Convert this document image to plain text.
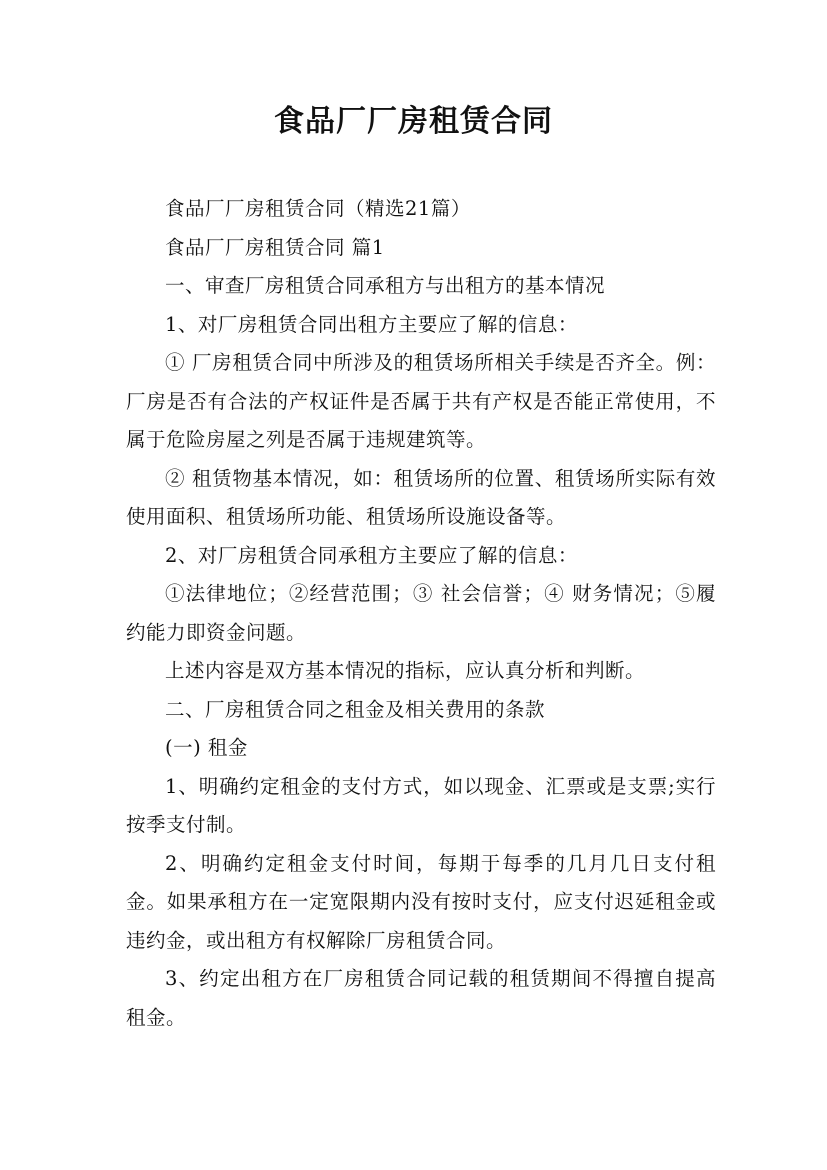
食品厂厂房租赁合同

食品厂厂房租赁合同（精选21篇）

食品厂厂房租赁合同 篇1

一、审查厂房租赁合同承租方与出租方的基本情况

1、对厂房租赁合同出租方主要应了解的信息：

① 厂房租赁合同中所涉及的租赁场所相关手续是否齐全。例：厂房是否有合法的产权证件是否属于共有产权是否能正常使用，不属于危险房屋之列是否属于违规建筑等。

② 租赁物基本情况，如：租赁场所的位置、租赁场所实际有效使用面积、租赁场所功能、租赁场所设施设备等。

2、对厂房租赁合同承租方主要应了解的信息：

①法律地位；②经营范围；③ 社会信誉；④ 财务情况；⑤履约能力即资金问题。

上述内容是双方基本情况的指标，应认真分析和判断。

二、厂房租赁合同之租金及相关费用的条款

(一) 租金

1、明确约定租金的支付方式，如以现金、汇票或是支票;实行按季支付制。

2、明确约定租金支付时间，每期于每季的几月几日支付租金。如果承租方在一定宽限期内没有按时支付，应支付迟延租金或违约金，或出租方有权解除厂房租赁合同。

3、约定出租方在厂房租赁合同记载的租赁期间不得擅自提高租金。
